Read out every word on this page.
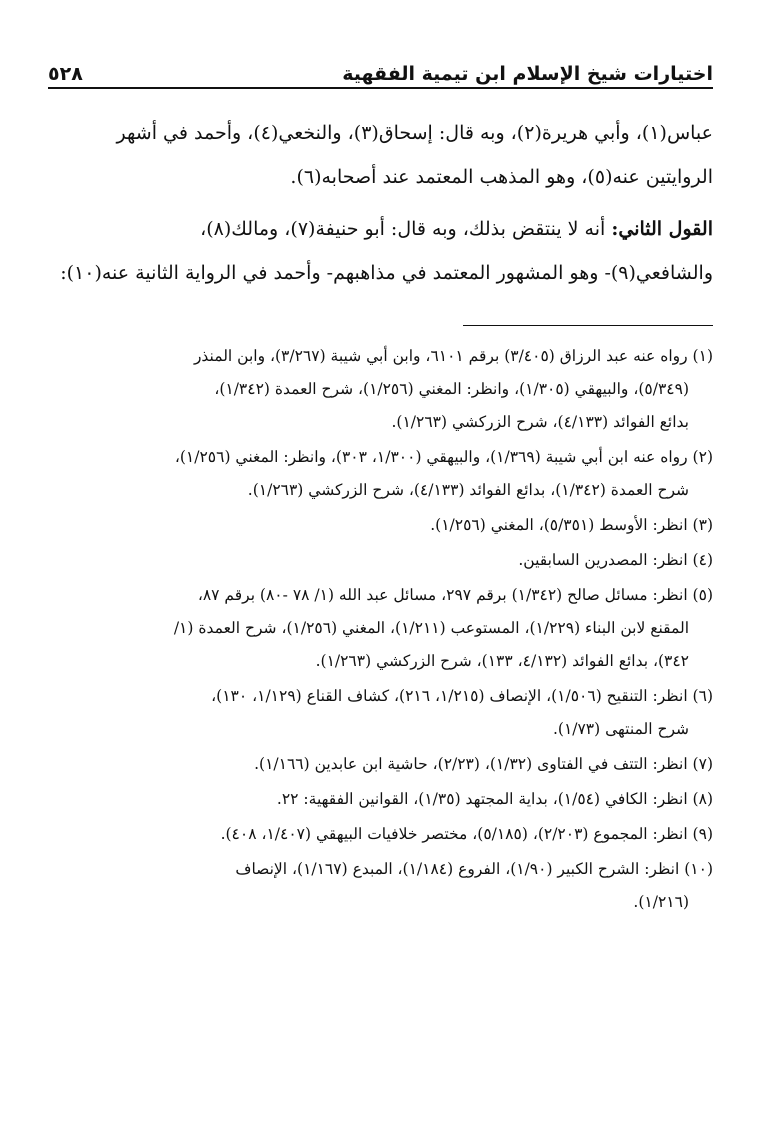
اختيارات شيخ الإسلام ابن تيمية الفقهية
٥٢٨

عباس(١)، وأبي هريرة(٢)، وبه قال: إسحاق(٣)، والنخعي(٤)، وأحمد في أشهر
الروايتين عنه(٥)، وهو المذهب المعتمد عند أصحابه(٦).

القول الثاني: أنه لا ينتقض بذلك، وبه قال: أبو حنيفة(٧)، ومالك(٨)،
والشافعي(٩)- وهو المشهور المعتمد في مذاهبهم- وأحمد في الرواية الثانية عنه(١٠):

(١) رواه عنه عبد الرزاق (٣/٤٠٥) برقم ٦١٠١، وابن أبي شيبة (٣/٢٦٧)، وابن المنذر
(٥/٣٤٩)، والبيهقي (١/٣٠٥)، وانظر: المغني (١/٢٥٦)، شرح العمدة (١/٣٤٢)،
بدائع الفوائد (٤/١٣٣)، شرح الزركشي (١/٢٦٣).

(٢) رواه عنه ابن أبي شيبة (١/٣٦٩)، والبيهقي (١/٣٠٠، ٣٠٣)، وانظر: المغني (١/٢٥٦)،
شرح العمدة (١/٣٤٢)، بدائع الفوائد (٤/١٣٣)، شرح الزركشي (١/٢٦٣).

(٣) انظر: الأوسط (٥/٣٥١)، المغني (١/٢٥٦).

(٤) انظر: المصدرين السابقين.

(٥) انظر: مسائل صالح (١/٣٤٢) برقم ٢٩٧، مسائل عبد الله (١/ ٧٨ -٨٠) برقم ٨٧،
المقنع لابن البناء (١/٢٢٩)، المستوعب (١/٢١١)، المغني (١/٢٥٦)، شرح العمدة (١/
٣٤٢)، بدائع الفوائد (٤/١٣٢، ١٣٣)، شرح الزركشي (١/٢٦٣).

(٦) انظر: التنقيح (١/٥٠٦)، الإنصاف (١/٢١٥، ٢١٦)، كشاف القناع (١/١٢٩، ١٣٠)،
شرح المنتهى (١/٧٣).

(٧) انظر: التتف في الفتاوى (١/٣٢)، (٢/٢٣)، حاشية ابن عابدين (١/١٦٦).

(٨) انظر: الكافي (١/٥٤)، بداية المجتهد (١/٣٥)، القوانين الفقهية: ٢٢.

(٩) انظر: المجموع (٢/٢٠٣)، (٥/١٨٥)، مختصر خلافيات البيهقي (١/٤٠٧، ٤٠٨).

(١٠) انظر: الشرح الكبير (١/٩٠)، الفروع (١/١٨٤)، المبدع (١/١٦٧)، الإنصاف
(١/٢١٦).
